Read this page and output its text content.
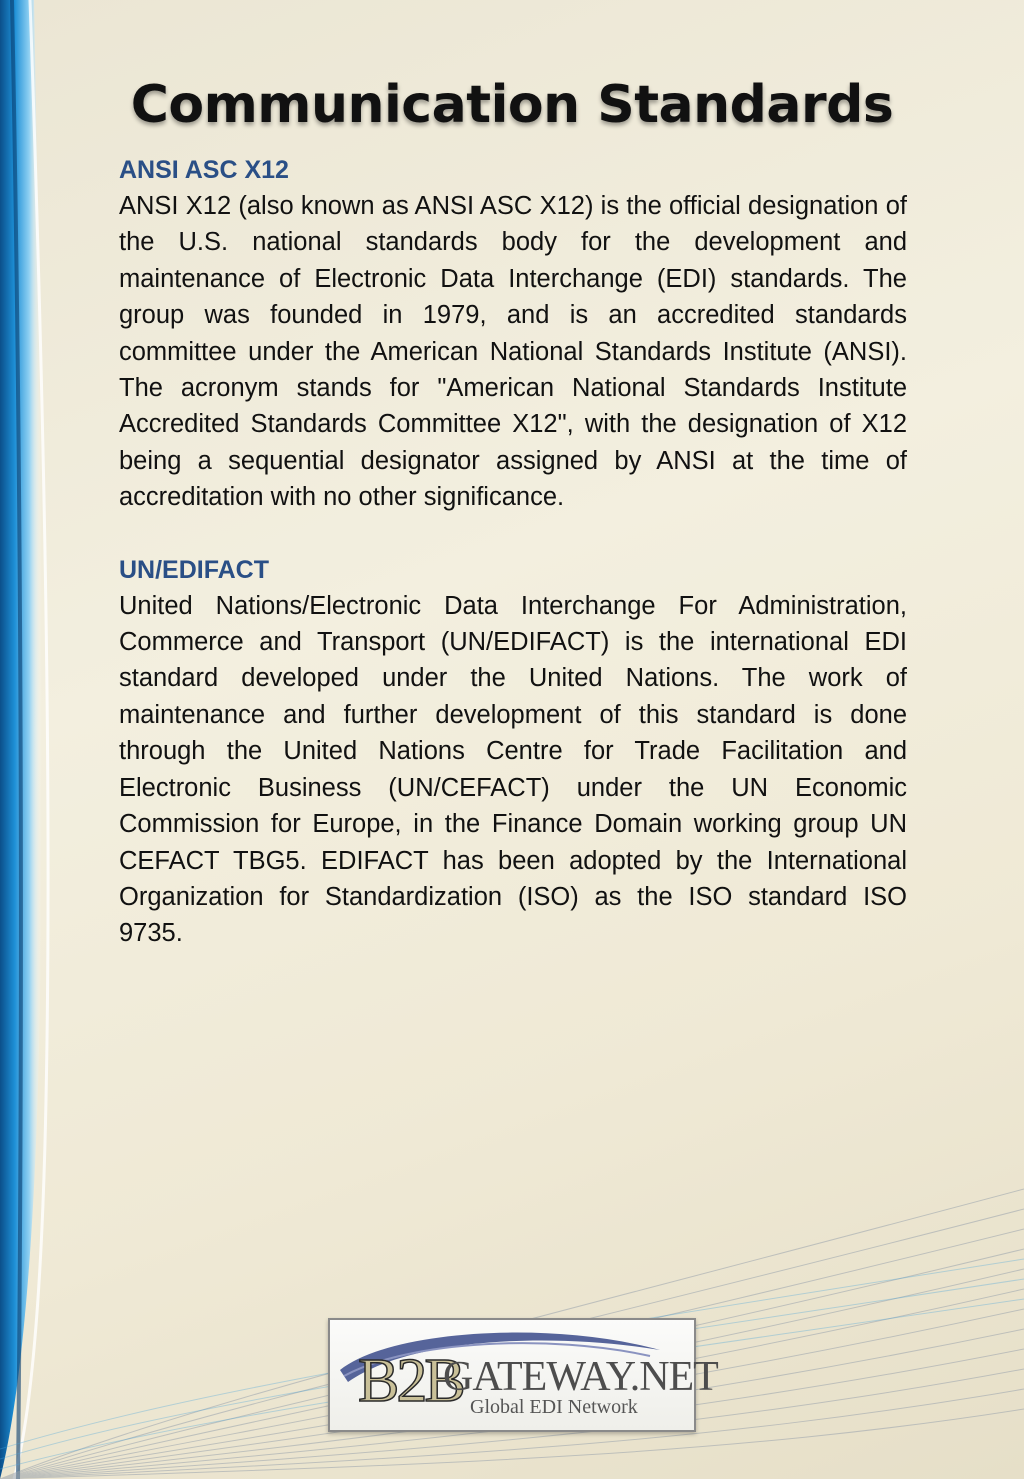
Communication Standards
ANSI ASC X12

ANSI X12 (also known as ANSI ASC X12) is the official designation of the U.S. national standards body for the development and maintenance of Electronic Data Interchange (EDI) standards. The group was founded in 1979, and is an accredited standards committee under the American National Standards Institute (ANSI). The acronym stands for "American National Standards Institute Accredited Standards Committee X12", with the designation of X12 being a sequential designator assigned by ANSI at the time of accreditation with no other significance.

UN/EDIFACT

United Nations/Electronic Data Interchange For Administration, Commerce and Transport (UN/EDIFACT) is the international EDI standard developed under the United Nations. The work of maintenance and further development of this standard is done through the United Nations Centre for Trade Facilitation and Electronic Business (UN/CEFACT) under the UN Economic Commission for Europe, in the Finance Domain working group UN CEFACT TBG5. EDIFACT has been adopted by the International Organization for Standardization (ISO) as the ISO standard ISO 9735.

B2B
GATEWAY.NET
Global EDI Network
